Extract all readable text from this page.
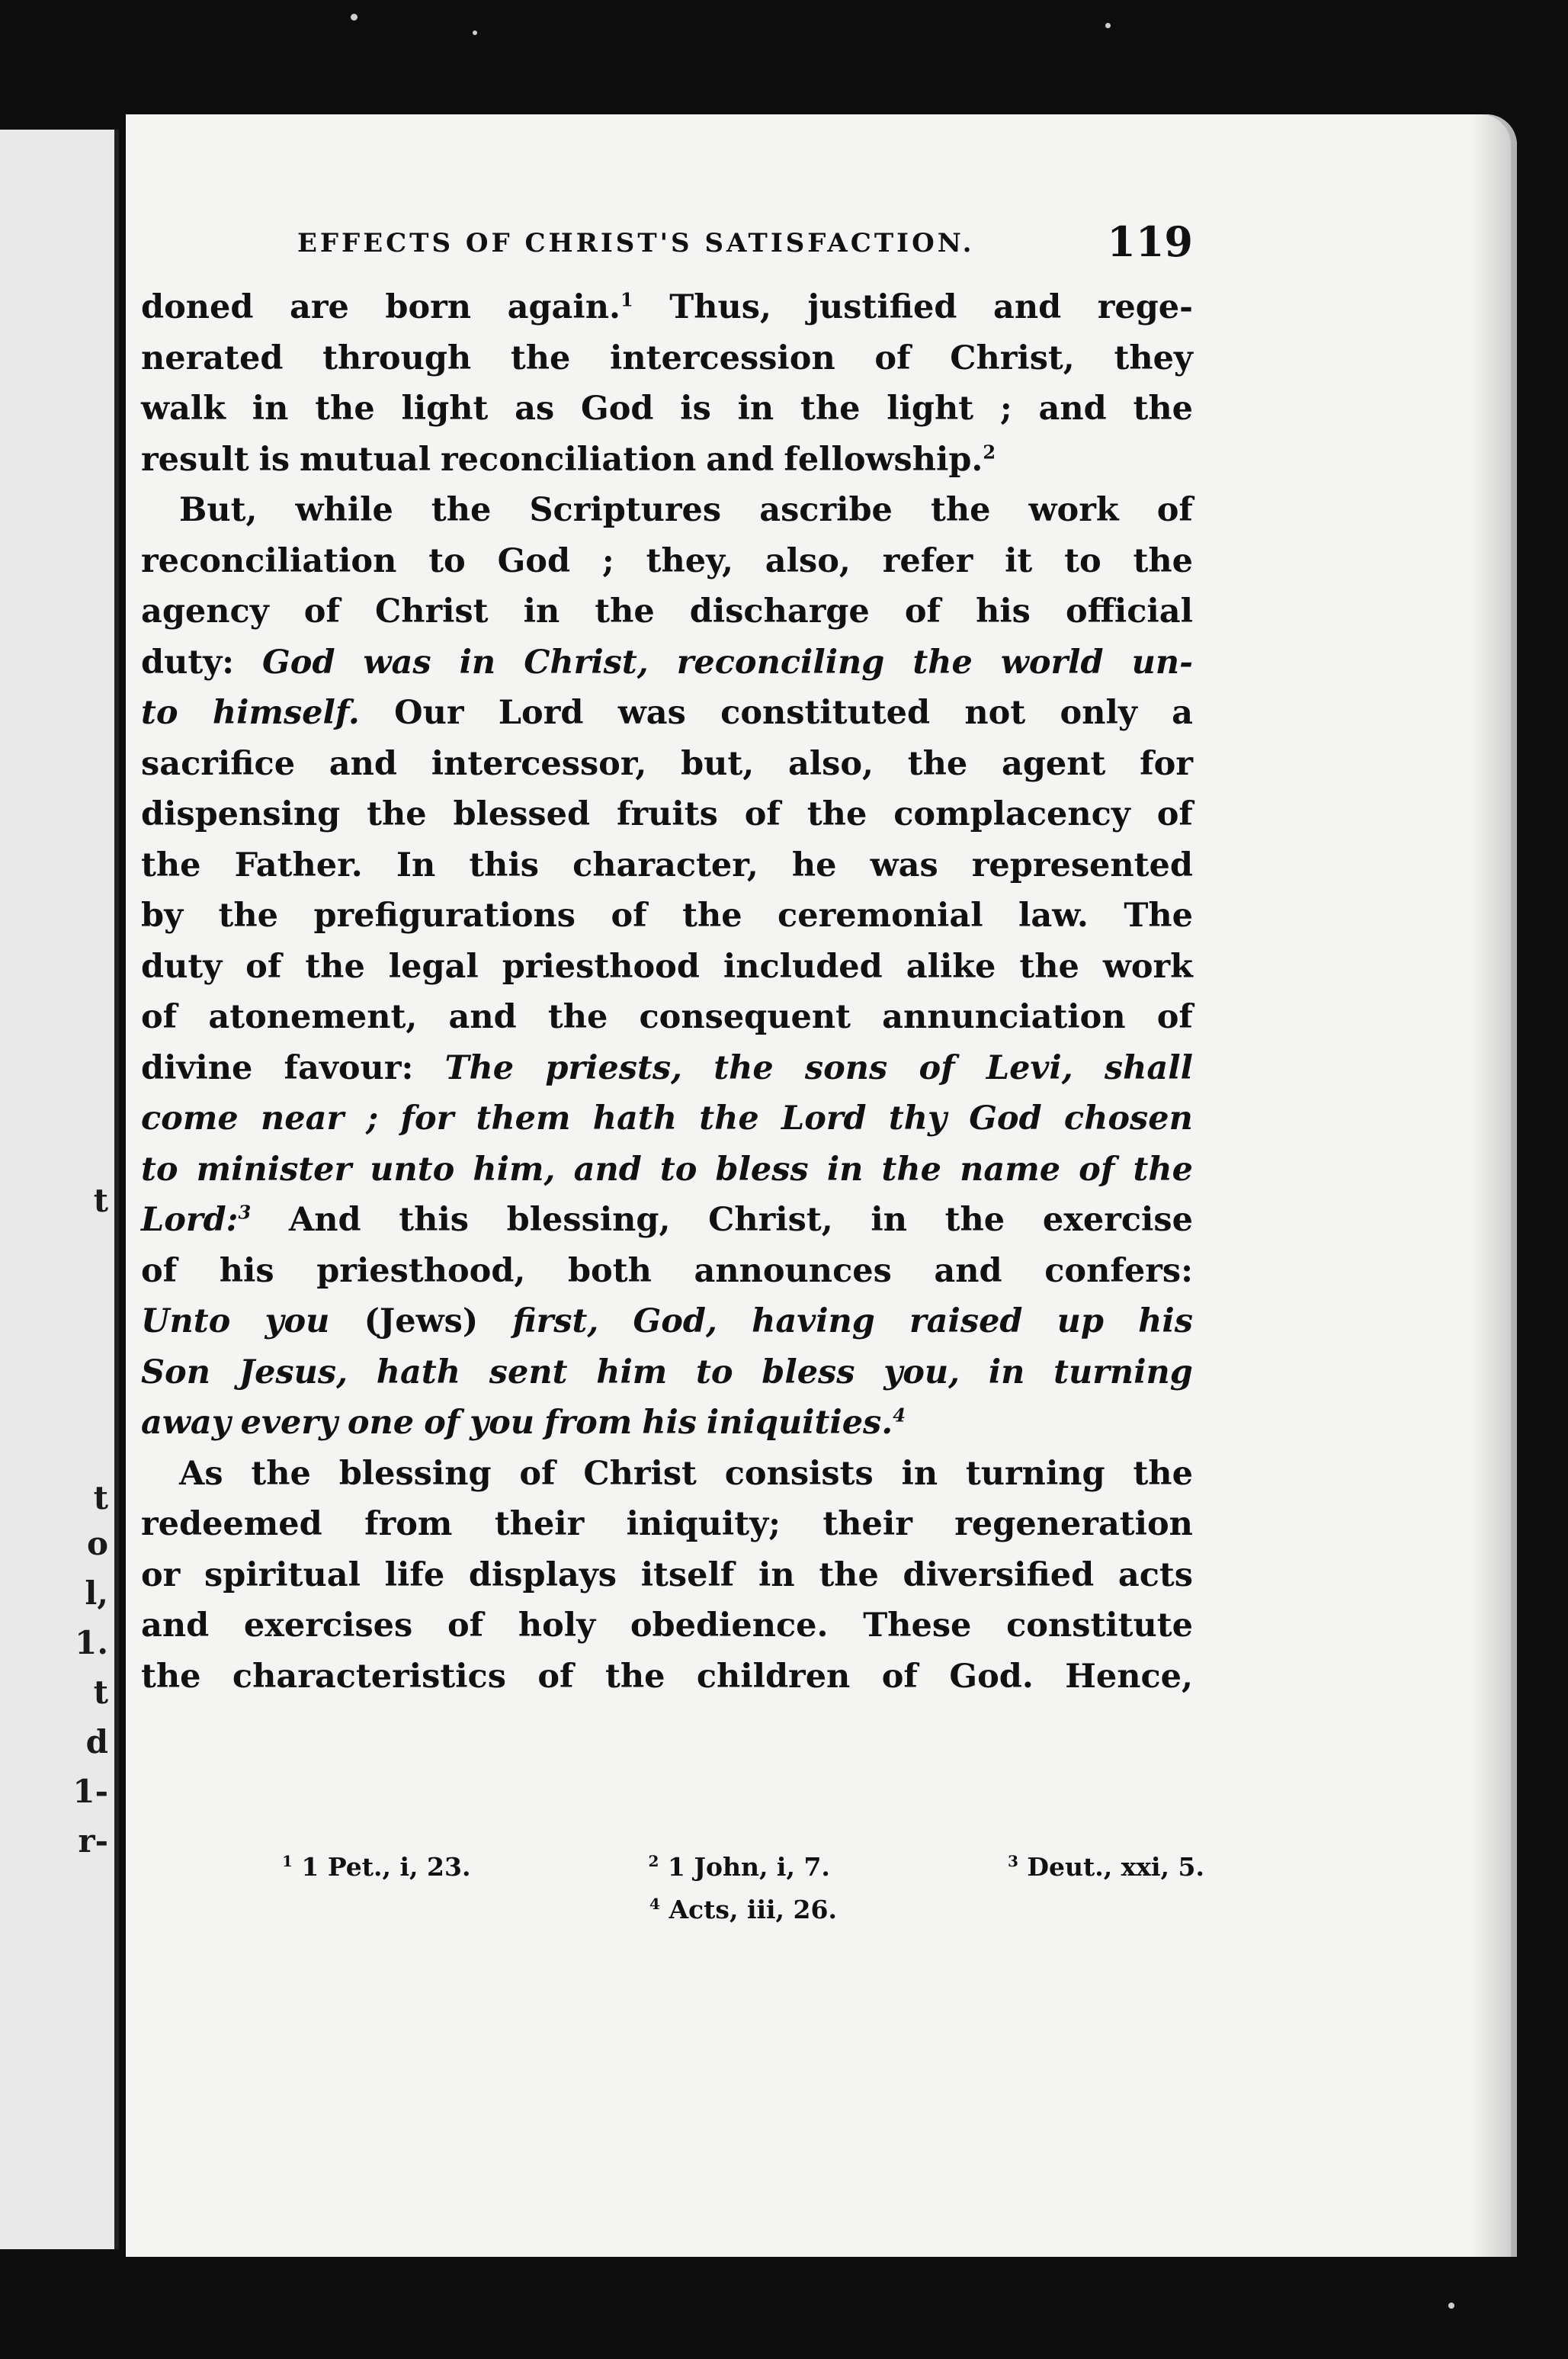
t
t
o
l,
1.
t
d
1-
r-
EFFECTS OF CHRIST'S SATISFACTION.	119
doned are born again.$^1$ Thus, justified and rege-
nerated through the intercession of Christ, they
walk in the light as God is in the light ; and the
result is mutual reconciliation and fellowship.$^2$
But, while the Scriptures ascribe the work of
reconciliation to God ; they, also, refer it to the
agency of Christ in the discharge of his official
duty: God was in Christ, reconciling the world un-
to himself. Our Lord was constituted not only a
sacrifice and intercessor, but, also, the agent for
dispensing the blessed fruits of the complacency of
the Father. In this character, he was represented
by the prefigurations of the ceremonial law. The
duty of the legal priesthood included alike the work
of atonement, and the consequent annunciation of
divine favour: The priests, the sons of Levi, shall
come near ; for them hath the Lord thy God chosen
to minister unto him, and to bless in the name of the
Lord:$^3$ And this blessing, Christ, in the exercise
of his priesthood, both announces and confers:
Unto you (Jews) first, God, having raised up his
Son Jesus, hath sent him to bless you, in turning
away every one of you from his iniquities.$^4$
As the blessing of Christ consists in turning the
redeemed from their iniquity; their regeneration
or spiritual life displays itself in the diversified acts
and exercises of holy obedience. These constitute
the characteristics of the children of God. Hence,
$^1$ 1 Pet., i, 23.	$^2$ 1 John, i, 7.	$^3$ Deut., xxi, 5.
$^4$ Acts, iii, 26.
